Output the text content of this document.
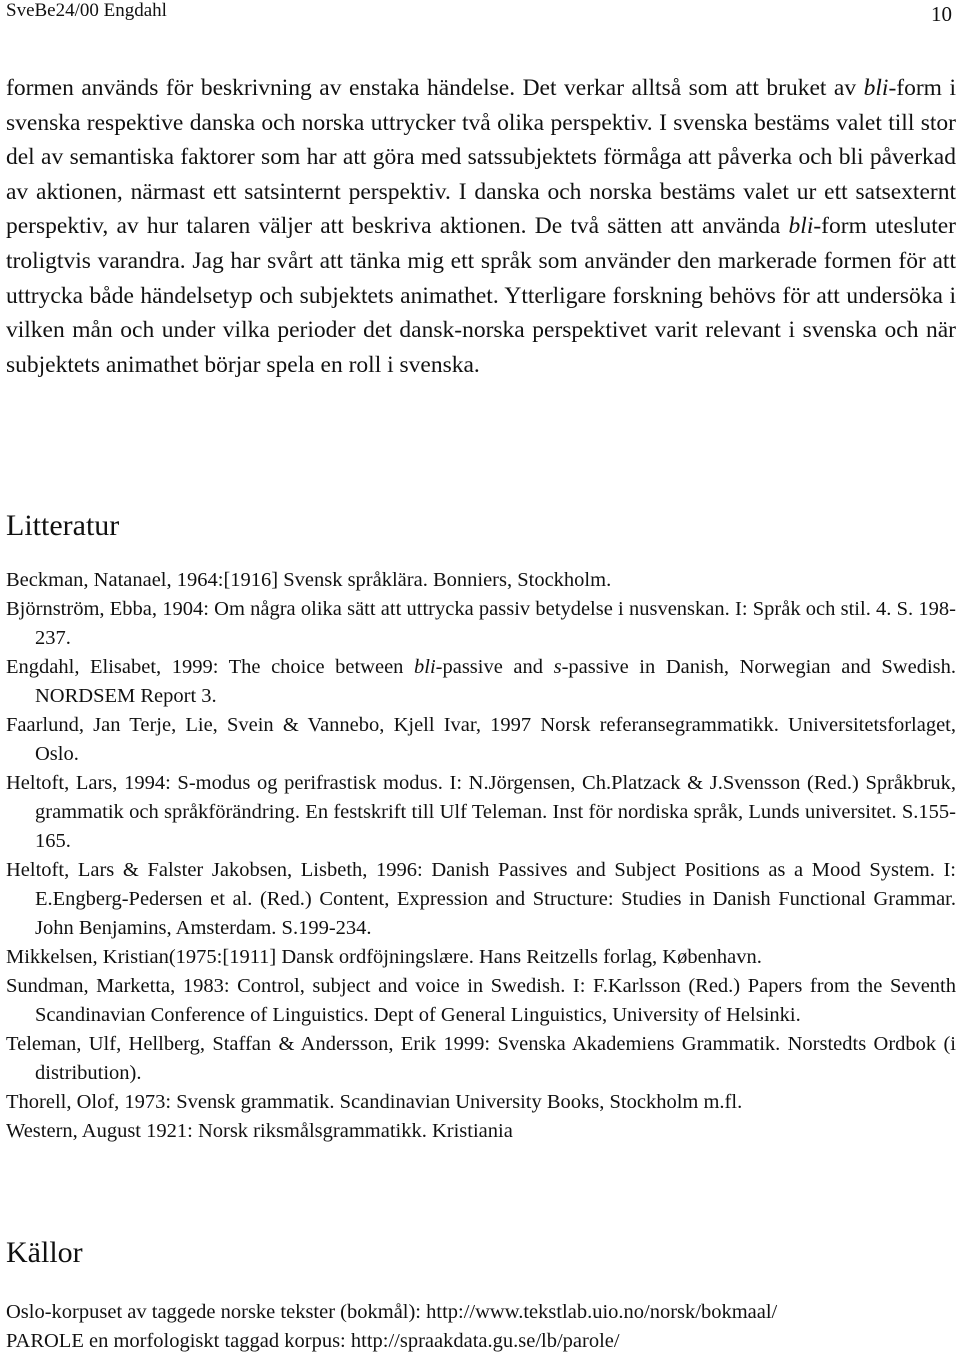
SveBe24/00 Engdahl	10

formen används för beskrivning av enstaka händelse. Det verkar alltså som att bruket av bli-form i svenska respektive danska och norska uttrycker två olika perspektiv. I svenska bestäms valet till stor del av semantiska faktorer som har att göra med satssubjektets förmåga att påverka och bli påverkad av aktionen, närmast ett satsinternt perspektiv. I danska och norska bestäms valet ur ett satsexternt perspektiv, av hur talaren väljer att beskriva aktionen. De två sätten att använda bli-form utesluter troligtvis varandra. Jag har svårt att tänka mig ett språk som använder den markerade formen för att uttrycka både händelsetyp och subjektets animathet. Ytterligare forskning behövs för att undersöka i vilken mån och under vilka perioder det dansk-norska perspektivet varit relevant i svenska och när subjektets animathet börjar spela en roll i svenska.

Litteratur
Beckman, Natanael, 1964:[1916] Svensk språklära. Bonniers, Stockholm.
Björnström, Ebba, 1904: Om några olika sätt att uttrycka passiv betydelse i nusvenskan. I: Språk och stil. 4. S. 198-237.
Engdahl, Elisabet, 1999: The choice between bli-passive and s-passive in Danish, Norwegian and Swedish. NORDSEM Report 3.
Faarlund, Jan Terje, Lie, Svein & Vannebo, Kjell Ivar, 1997 Norsk referansegrammatikk. Universitetsforlaget, Oslo.
Heltoft, Lars, 1994: S-modus og perifrastisk modus. I: N.Jörgensen, Ch.Platzack & J.Svensson (Red.) Språkbruk, grammatik och språkförändring. En festskrift till Ulf Teleman. Inst för nordiska språk, Lunds universitet. S.155-165.
Heltoft, Lars & Falster Jakobsen, Lisbeth, 1996: Danish Passives and Subject Positions as a Mood System. I: E.Engberg-Pedersen et al. (Red.) Content, Expression and Structure: Studies in Danish Functional Grammar. John Benjamins, Amsterdam. S.199-234.
Mikkelsen, Kristian(1975:[1911] Dansk ordföjningslære. Hans Reitzells forlag, København.
Sundman, Marketta, 1983: Control, subject and voice in Swedish. I: F.Karlsson (Red.) Papers from the Seventh Scandinavian Conference of Linguistics. Dept of General Linguistics, University of Helsinki.
Teleman, Ulf, Hellberg, Staffan & Andersson, Erik 1999: Svenska Akademiens Grammatik. Norstedts Ordbok (i distribution).
Thorell, Olof, 1973: Svensk grammatik. Scandinavian University Books, Stockholm m.fl.
Western, August 1921: Norsk riksmålsgrammatikk. Kristiania
Källor
Oslo-korpuset av taggede norske tekster (bokmål): http://www.tekstlab.uio.no/norsk/bokmaal/
PAROLE en morfologiskt taggad korpus: http://spraakdata.gu.se/lb/parole/
